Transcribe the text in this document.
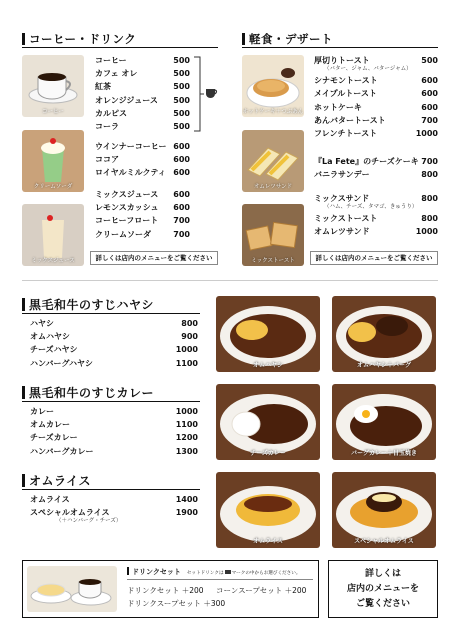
コーヒー・ドリンク
コーヒー
コーヒー	500
カフェ オレ	500
紅茶	500
オレンジジュース 500
カルピス	500
コーラ	500
クリームソーダ
ウインナーコーヒー 600
ココア	600
ロイヤルミルクティ 600
ミックスジュース
ミックスジュース 600
レモンスカッシュ 600
コーヒーフロート 700
クリームソーダ	700
詳しくは店内のメニューをご覧ください
軽食・デザート
ホットケーキ＋つぶあん
厚切りトースト	500
（バター、ジャム、バタージャム）
シナモントースト	600
メイプルトースト	600
ホットケーキ	600
あんバタートースト	700
フレンチトースト	1000
オムレツサンド
『La Fete』のチーズケーキ 700
バニラサンデー	800
ミックストースト
ミックスサンド	800
（ハム、チーズ、タマゴ、きゅうり）
ミックストースト	800
オムレツサンド	1000
詳しくは店内のメニューをご覧ください
黒毛和牛のすじハヤシ
ハヤシ	800
オムハヤシ	900
チーズハヤシ	1000
ハンバーグハヤシ	1100	オムハヤシ	オムハヤシ＋バーグ
黒毛和牛のすじカレー
カレー	1000
オムカレー	1100
チーズカレー	1200
ハンバーグカレー	1300	チーズカレー	バーグカレー＋目玉焼き
オムライス
オムライス	1400
スペシャルオムライス	1900
（＋ハンバーグ・チーズ）
オムライス	スペシャルオムライス
ドリンクセット セットドリンクは マークの中からお選びください。
ドリンクセット ＋200 コーンスープセット ＋200
ドリンクスープセット ＋300
詳しくは
店内のメニューを
ご覧ください
